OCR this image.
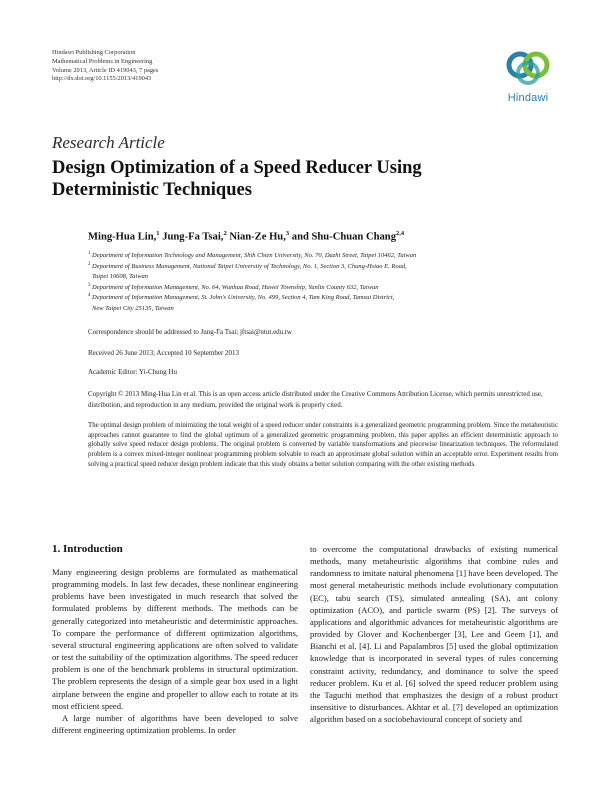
Hindawi Publishing Corporation
Mathematical Problems in Engineering
Volume 2013, Article ID 419043, 7 pages
http://dx.doi.org/10.1155/2013/419043
Hindawi
Research Article
Design Optimization of a Speed Reducer Using Deterministic Techniques
Ming-Hua Lin,$^1$ Jung-Fa Tsai,$^2$ Nian-Ze Hu,$^3$ and Shu-Chuan Chang$^{2,4}$
1 Department of Information Technology and Management, Shih Chien University, No. 70, Dazhi Street, Taipei 10462, Taiwan
2 Department of Business Management, National Taipei University of Technology, No. 1, Section 3, Chung-Hsiao E. Road,
Taipei 10608, Taiwan
3 Department of Information Management, No. 64, Wunhua Road, Huwei Township, Yunlin County 632, Taiwan
4 Department of Information Management, St. John's University, No. 499, Section 4, Tam King Road, Tamsui District,
New Taipei City 25135, Taiwan
Correspondence should be addressed to Jung-Fa Tsai; jftsai@ntut.edu.tw
Received 26 June 2013; Accepted 10 September 2013
Academic Editor: Yi-Chung Hu
Copyright © 2013 Ming-Hua Lin et al. This is an open access article distributed under the Creative Commons Attribution License, which permits unrestricted use, distribution, and reproduction in any medium, provided the original work is properly cited.
The optimal design problem of minimizing the total weight of a speed reducer under constraints is a generalized geometric programming problem. Since the metaheuristic approaches cannot guarantee to find the global optimum of a generalized geometric programming problem, this paper applies an efficient deterministic approach to globally solve speed reducer design problems. The original problem is converted by variable transformations and piecewise linearization techniques. The reformulated problem is a convex mixed-integer nonlinear programming problem solvable to reach an approximate global solution within an acceptable error. Experiment results from solving a practical speed reducer design problem indicate that this study obtains a better solution comparing with the other existing methods.
1. Introduction

Many engineering design problems are formulated as mathematical programming models. In last few decades, these nonlinear engineering problems have been investigated in much research that solved the formulated problems by different methods. The methods can be generally categorized into metaheuristic and deterministic approaches. To compare the performance of different optimization algorithms, several structural engineering applications are often solved to validate or test the suitability of the optimization algorithms. The speed reducer problem is one of the benchmark problems in structural optimization. The problem represents the design of a simple gear box used in a light airplane between the engine and propeller to allow each to rotate at its most efficient speed.

A large number of algorithms have been developed to solve different engineering optimization problems. In order

to overcome the computational drawbacks of existing numerical methods, many metaheuristic algorithms that combine rules and randomness to imitate natural phenomena [1] have been developed. The most general metaheuristic methods include evolutionary computation (EC), tabu search (TS), simulated annealing (SA), ant colony optimization (ACO), and particle swarm (PS) [2]. The surveys of applications and algorithmic advances for metaheuristic algorithms are provided by Glover and Kochenberger [3], Lee and Geem [1], and Bianchi et al. [4]. Li and Papalambros [5] used the global optimization knowledge that is incorporated in several types of rules concerning constraint activity, redundancy, and dominance to solve the speed reducer problem. Ku et al. [6] solved the speed reducer problem using the Taguchi method that emphasizes the design of a robust product insensitive to disturbances. Akhtar et al. [7] developed an optimization algorithm based on a sociobehavioural concept of society and
